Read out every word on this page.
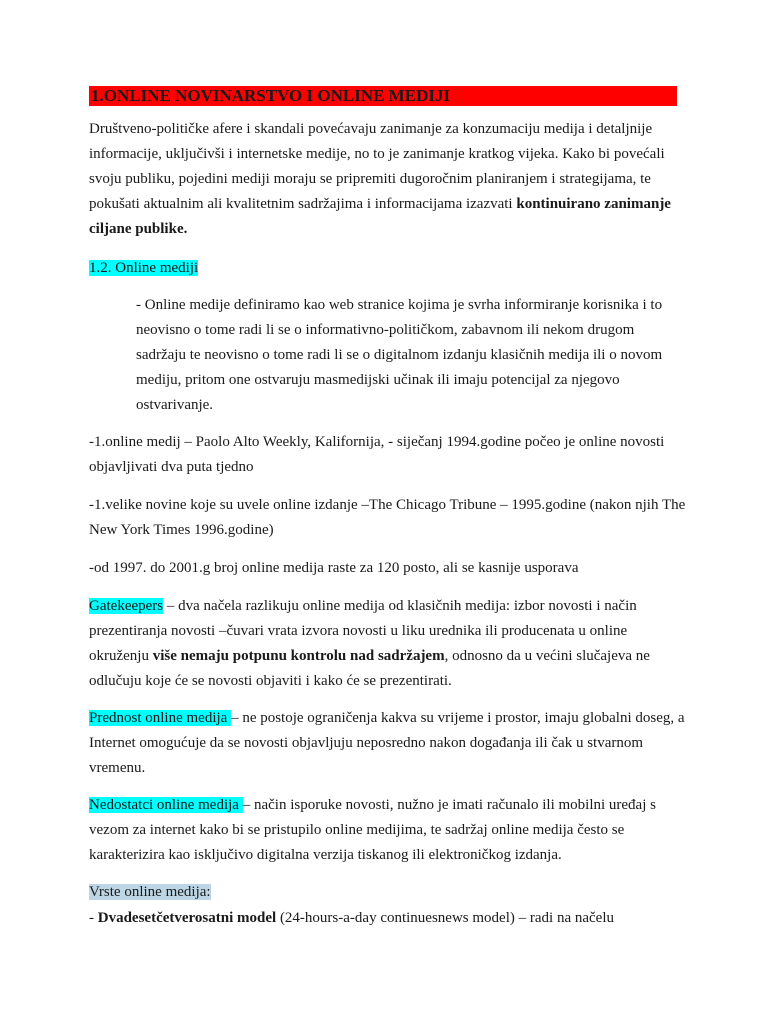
1.ONLINE NOVINARSTVO I ONLINE MEDIJI

Društveno-političke afere i skandali povećavaju zanimanje za konzumaciju medija i detaljnije informacije, uključivši i internetske medije, no to je zanimanje kratkog vijeka. Kako bi povećali svoju publiku, pojedini mediji moraju se pripremiti dugoročnim planiranjem i strategijama, te pokušati aktualnim ali kvalitetnim sadržajima i informacijama izazvati kontinuirano zanimanje ciljane publike.

1.2. Online mediji

- Online medije definiramo kao web stranice kojima je svrha informiranje korisnika i to neovisno o tome radi li se o informativno-političkom, zabavnom ili nekom drugom sadržaju te neovisno o tome radi li se o digitalnom izdanju klasičnih medija ili o novom mediju, pritom one ostvaruju masmedijski učinak ili imaju potencijal za njegovo ostvarivanje.

-1.online medij – Paolo Alto Weekly, Kalifornija, - siječanj 1994.godine počeo je online novosti objavljivati dva puta tjedno

-1.velike novine koje su uvele online izdanje –The Chicago Tribune – 1995.godine (nakon njih The New York Times 1996.godine)

-od 1997. do 2001.g broj online medija raste za 120 posto, ali se kasnije usporava

Gatekeepers – dva načela razlikuju online medija od klasičnih medija: izbor novosti i način prezentiranja novosti –čuvari vrata izvora novosti u liku urednika ili producenata u online okruženju više nemaju potpunu kontrolu nad sadržajem, odnosno da u većini slučajeva ne odlučuju koje će se novosti objaviti i kako će se prezentirati.

Prednost online medija – ne postoje ograničenja kakva su vrijeme i prostor, imaju globalni doseg, a Internet omogućuje da se novosti objavljuju neposredno nakon događanja ili čak u stvarnom vremenu.

Nedostatci online medija – način isporuke novosti, nužno je imati računalo ili mobilni uređaj s vezom za internet kako bi se pristupilo online medijima, te sadržaj online medija često se karakterizira kao isključivo digitalna verzija tiskanog ili elektroničkog izdanja.

Vrste online medija:

- Dvadesetčetverosatni model (24-hours-a-day continuesnews model) – radi na načelu
